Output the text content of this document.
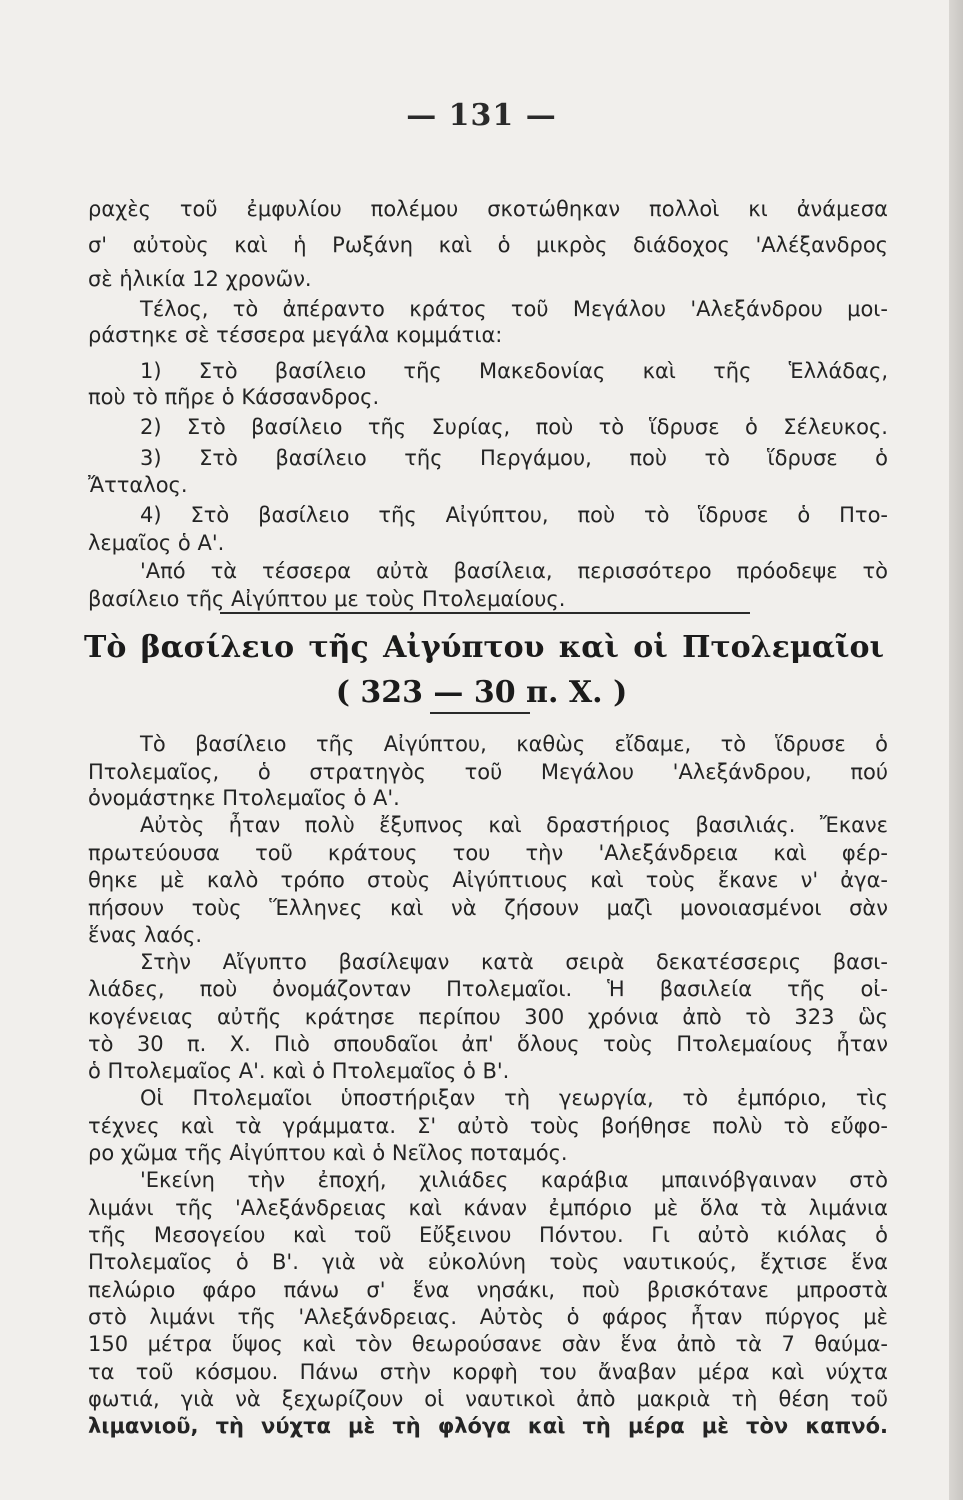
— 131 —
ραχὲς τοῦ ἐμφυλίου πολέμου σκοτώθηκαν πολλοὶ κι ἀνάμεσα
σ' αὐτοὺς καὶ ἡ Ρωξάνη καὶ ὁ μικρὸς διάδοχος 'Αλέξανδρος
σὲ ἡλικία 12 χρονῶν.
Τέλος, τὸ ἀπέραντο κράτος τοῦ Μεγάλου 'Αλεξάνδρου μοι-
ράστηκε σὲ τέσσερα μεγάλα κομμάτια:
1) Στὸ βασίλειο τῆς Μακεδονίας καὶ τῆς Ἑλλάδας,
ποὺ τὸ πῆρε ὁ Κάσσανδρος.
2) Στὸ βασίλειο τῆς Συρίας, ποὺ τὸ ἵδρυσε ὁ Σέλευκος.
3) Στὸ βασίλειο τῆς Περγάμου, ποὺ τὸ ἵδρυσε ὁ
Ἄτταλος.
4) Στὸ βασίλειο τῆς Αἰγύπτου, ποὺ τὸ ἵδρυσε ὁ Πτο-
λεμαῖος ὁ Α'.
'Από τὰ τέσσερα αὐτὰ βασίλεια, περισσότερο πρόοδεψε τὸ
βασίλειο τῆς Αἰγύπτου με τοὺς Πτολεμαίους.
Τὸ βασίλειο τῆς Αἰγύπτου καὶ οἱ Πτολεμαῖοι
( 323 — 30 π. Χ. )
Τὸ βασίλειο τῆς Αἰγύπτου, καθὼς εἴδαμε, τὸ ἵδρυσε ὁ
Πτολεμαῖος, ὁ στρατηγὸς τοῦ Μεγάλου 'Αλεξάνδρου, πού
ὀνομάστηκε Πτολεμαῖος ὁ Α'.
Αὐτὸς ἦταν πολὺ ἔξυπνος καὶ δραστήριος βασιλιάς. Ἔκανε
πρωτεύουσα τοῦ κράτους του τὴν 'Αλεξάνδρεια καὶ φέρ-
θηκε μὲ καλὸ τρόπο στοὺς Αἰγύπτιους καὶ τοὺς ἔκανε ν' ἀγα-
πήσουν τοὺς Ἕλληνες καὶ νὰ ζήσουν μαζὶ μονοιασμένοι σὰν
ἕνας λαός.
Στὴν Αἴγυπτο βασίλεψαν κατὰ σειρὰ δεκατέσσερις βασι-
λιάδες, ποὺ ὀνομάζονταν Πτολεμαῖοι. Ἡ βασιλεία τῆς οἰ-
κογένειας αὐτῆς κράτησε περίπου 300 χρόνια ἀπὸ τὸ 323 ὣς
τὸ 30 π. Χ. Πιὸ σπουδαῖοι ἀπ' ὅλους τοὺς Πτολεμαίους ἦταν
ὁ Πτολεμαῖος Α'. καὶ ὁ Πτολεμαῖος ὁ Β'.
Οἱ Πτολεμαῖοι ὑποστήριξαν τὴ γεωργία, τὸ ἐμπόριο, τὶς
τέχνες καὶ τὰ γράμματα. Σ' αὐτὸ τοὺς βοήθησε πολὺ τὸ εὔφο-
ρο χῶμα τῆς Αἰγύπτου καὶ ὁ Νεῖλος ποταμός.
'Εκείνη τὴν ἐποχή, χιλιάδες καράβια μπαινόβγαιναν στὸ
λιμάνι τῆς 'Αλεξάνδρειας καὶ κάναν ἐμπόριο μὲ ὅλα τὰ λιμάνια
τῆς Μεσογείου καὶ τοῦ Εὔξεινου Πόντου. Γι αὐτὸ κιόλας ὁ
Πτολεμαῖος ὁ Β'. γιὰ νὰ εὐκολύνη τοὺς ναυτικούς, ἔχτισε ἕνα
πελώριο φάρο πάνω σ' ἕνα νησάκι, ποὺ βρισκότανε μπροστὰ
στὸ λιμάνι τῆς 'Αλεξάνδρειας. Αὐτὸς ὁ φάρος ἦταν πύργος μὲ
150 μέτρα ὕψος καὶ τὸν θεωρούσανε σὰν ἕνα ἀπὸ τὰ 7 θαύμα-
τα τοῦ κόσμου. Πάνω στὴν κορφὴ του ἄναβαν μέρα καὶ νύχτα
φωτιά, γιὰ νὰ ξεχωρίζουν οἱ ναυτικοὶ ἀπὸ μακριὰ τὴ θέση τοῦ
λιμανιοῦ, τὴ νύχτα μὲ τὴ φλόγα καὶ τὴ μέρα μὲ τὸν καπνό.
